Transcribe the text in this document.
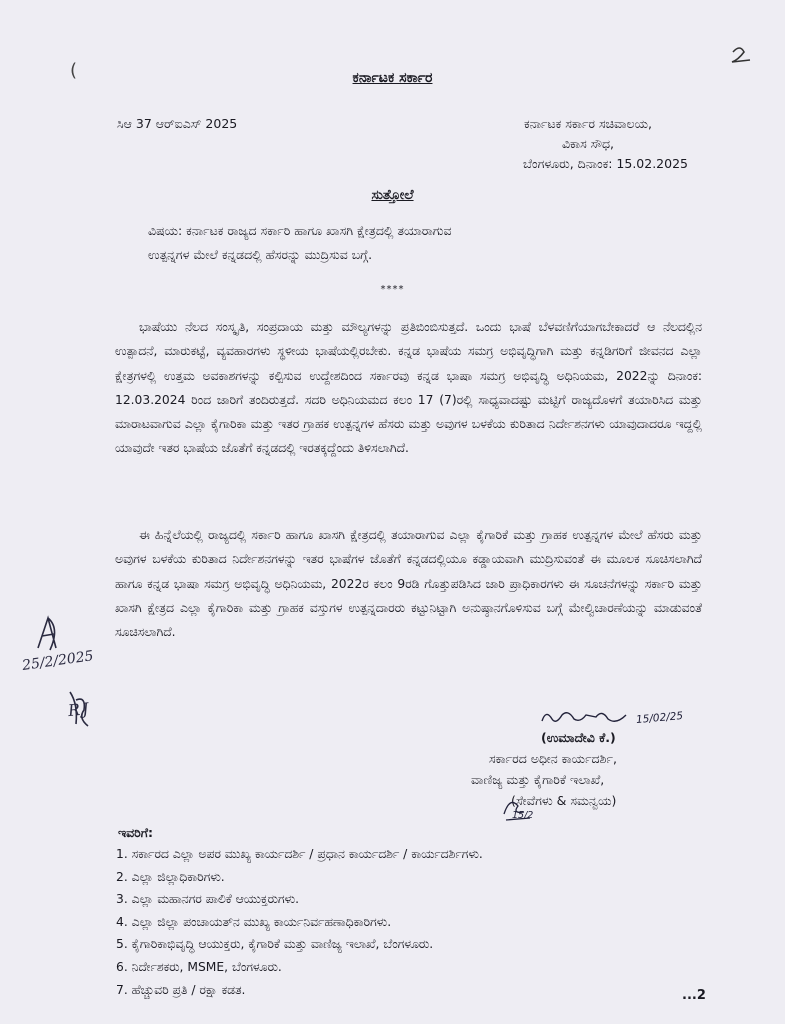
(	ಕರ್ನಾಟಕ ಸರ್ಕಾರ
ಸಿಆ 37 ಆರ್‌ಐಎಸ್ 2025	ಕರ್ನಾಟಕ ಸರ್ಕಾರ ಸಚಿವಾಲಯ,
ವಿಕಾಸ ಸೌಧ,
ಬೆಂಗಳೂರು, ದಿನಾಂಕ: 15.02.2025
ಸುತ್ತೋಲೆ
ವಿಷಯ: ಕರ್ನಾಟಕ ರಾಜ್ಯದ ಸರ್ಕಾರಿ ಹಾಗೂ ಖಾಸಗಿ ಕ್ಷೇತ್ರದಲ್ಲಿ ತಯಾರಾಗುವ
ಉತ್ಪನ್ನಗಳ ಮೇಲೆ ಕನ್ನಡದಲ್ಲಿ ಹೆಸರನ್ನು ಮುದ್ರಿಸುವ ಬಗ್ಗೆ.
****

ಭಾಷೆಯು ನೆಲದ ಸಂಸ್ಕೃತಿ, ಸಂಪ್ರದಾಯ ಮತ್ತು ಮೌಲ್ಯಗಳನ್ನು ಪ್ರತಿಬಿಂಬಿಸುತ್ತದೆ. ಒಂದು ಭಾಷೆ ಬೆಳವಣಿಗೆಯಾಗಬೇಕಾದರೆ ಆ ನೆಲದಲ್ಲಿನ ಉತ್ಪಾದನೆ, ಮಾರುಕಟ್ಟೆ, ವ್ಯವಹಾರಗಳು ಸ್ಥಳೀಯ ಭಾಷೆಯಲ್ಲಿರಬೇಕು. ಕನ್ನಡ ಭಾಷೆಯ ಸಮಗ್ರ ಅಭಿವೃದ್ಧಿಗಾಗಿ ಮತ್ತು ಕನ್ನಡಿಗರಿಗೆ ಜೀವನದ ಎಲ್ಲಾ ಕ್ಷೇತ್ರಗಳಲ್ಲಿ ಉತ್ತಮ ಅವಕಾಶಗಳನ್ನು ಕಲ್ಪಿಸುವ ಉದ್ದೇಶದಿಂದ ಸರ್ಕಾರವು ಕನ್ನಡ ಭಾಷಾ ಸಮಗ್ರ ಅಭಿವೃದ್ಧಿ ಅಧಿನಿಯಮ, 2022ನ್ನು ದಿನಾಂಕ: 12.03.2024 ರಿಂದ ಜಾರಿಗೆ ತಂದಿರುತ್ತದೆ. ಸದರಿ ಅಧಿನಿಯಮದ ಕಲಂ 17 (7)ರಲ್ಲಿ ಸಾಧ್ಯವಾದಷ್ಟು ಮಟ್ಟಿಗೆ ರಾಜ್ಯದೊಳಗೆ ತಯಾರಿಸಿದ ಮತ್ತು ಮಾರಾಟವಾಗುವ ಎಲ್ಲಾ ಕೈಗಾರಿಕಾ ಮತ್ತು ಇತರ ಗ್ರಾಹಕ ಉತ್ಪನ್ನಗಳ ಹೆಸರು ಮತ್ತು ಅವುಗಳ ಬಳಕೆಯ ಕುರಿತಾದ ನಿರ್ದೇಶನಗಳು ಯಾವುದಾದರೂ ಇದ್ದಲ್ಲಿ ಯಾವುದೇ ಇತರ ಭಾಷೆಯ ಜೊತೆಗೆ ಕನ್ನಡದಲ್ಲಿ ಇರತಕ್ಕದ್ದೆಂದು ತಿಳಿಸಲಾಗಿದೆ.

ಈ ಹಿನ್ನೆಲೆಯಲ್ಲಿ ರಾಜ್ಯದಲ್ಲಿ ಸರ್ಕಾರಿ ಹಾಗೂ ಖಾಸಗಿ ಕ್ಷೇತ್ರದಲ್ಲಿ ತಯಾರಾಗುವ ಎಲ್ಲಾ ಕೈಗಾರಿಕೆ ಮತ್ತು ಗ್ರಾಹಕ ಉತ್ಪನ್ನಗಳ ಮೇಲೆ ಹೆಸರು ಮತ್ತು ಅವುಗಳ ಬಳಕೆಯ ಕುರಿತಾದ ನಿರ್ದೇಶನಗಳನ್ನು ಇತರ ಭಾಷೆಗಳ ಜೊತೆಗೆ ಕನ್ನಡದಲ್ಲಿಯೂ ಕಡ್ಡಾಯವಾಗಿ ಮುದ್ರಿಸುವಂತೆ ಈ ಮೂಲಕ ಸೂಚಿಸಲಾಗಿದೆ ಹಾಗೂ ಕನ್ನಡ ಭಾಷಾ ಸಮಗ್ರ ಅಭಿವೃದ್ಧಿ ಅಧಿನಿಯಮ, 2022ರ ಕಲಂ 9ರಡಿ ಗೊತ್ತುಪಡಿಸಿದ ಜಾರಿ ಪ್ರಾಧಿಕಾರಗಳು ಈ ಸೂಚನೆಗಳನ್ನು ಸರ್ಕಾರಿ ಮತ್ತು ಖಾಸಗಿ ಕ್ಷೇತ್ರದ ಎಲ್ಲಾ ಕೈಗಾರಿಕಾ ಮತ್ತು ಗ್ರಾಹಕ ವಸ್ತುಗಳ ಉತ್ಪನ್ನದಾರರು ಕಟ್ಟುನಿಟ್ಟಾಗಿ ಅನುಷ್ಠಾನಗೊಳಿಸುವ ಬಗ್ಗೆ ಮೇಲ್ವಿಚಾರಣೆಯನ್ನು ಮಾಡುವಂತೆ ಸೂಚಿಸಲಾಗಿದೆ.

25/2/2025
RJ	15/02/25
(ಉಮಾದೇವಿ ಕೆ.)
ಸರ್ಕಾರದ ಅಧೀನ ಕಾರ್ಯದರ್ಶಿ,
ವಾಣಿಜ್ಯ ಮತ್ತು ಕೈಗಾರಿಕೆ ಇಲಾಖೆ,
(ಸೇವೆಗಳು & ಸಮನ್ವಯ)
15/2
ಇವರಿಗೆ:
1. ಸರ್ಕಾರದ ಎಲ್ಲಾ ಅಪರ ಮುಖ್ಯ ಕಾರ್ಯದರ್ಶಿ / ಪ್ರಧಾನ ಕಾರ್ಯದರ್ಶಿ / ಕಾರ್ಯದರ್ಶಿಗಳು.
2. ಎಲ್ಲಾ ಜಿಲ್ಲಾಧಿಕಾರಿಗಳು.
3. ಎಲ್ಲಾ ಮಹಾನಗರ ಪಾಲಿಕೆ ಆಯುಕ್ತರುಗಳು.
4. ಎಲ್ಲಾ ಜಿಲ್ಲಾ ಪಂಚಾಯತ್‌ನ ಮುಖ್ಯ ಕಾರ್ಯನಿರ್ವಹಣಾಧಿಕಾರಿಗಳು.
5. ಕೈಗಾರಿಕಾಭಿವೃದ್ಧಿ ಆಯುಕ್ತರು, ಕೈಗಾರಿಕೆ ಮತ್ತು ವಾಣಿಜ್ಯ ಇಲಾಖೆ, ಬೆಂಗಳೂರು.
6. ನಿರ್ದೇಶಕರು, MSME, ಬೆಂಗಳೂರು.
7. ಹೆಚ್ಚುವರಿ ಪ್ರತಿ / ರಕ್ಷಾ ಕಡತ.	...2
